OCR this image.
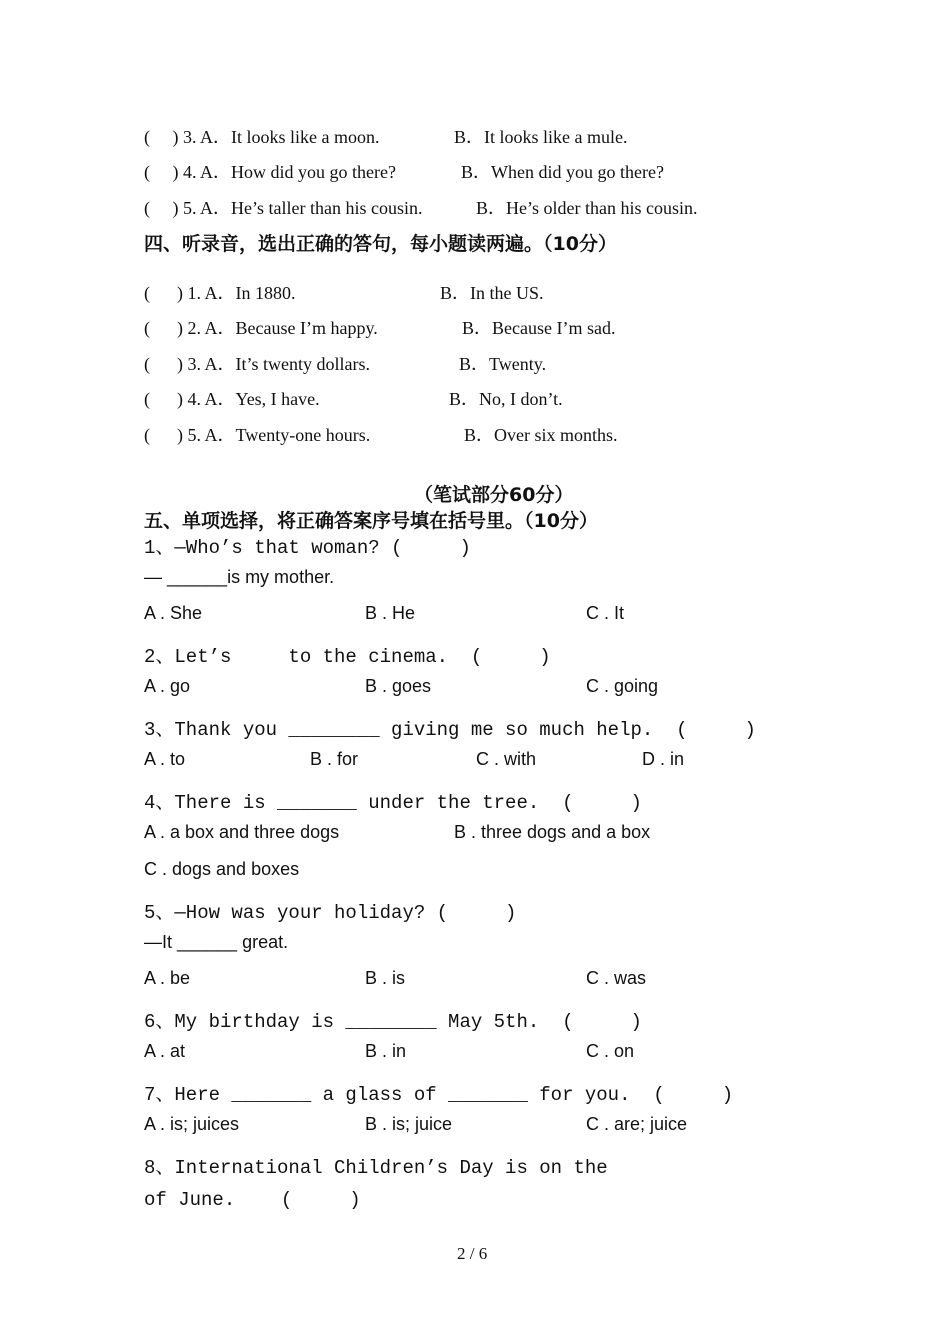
(     ) 3. A．It looks like a moon.	B．It looks like a mule.
(     ) 4. A．How did you go there?	B．When did you go there?
(     ) 5. A．He’s taller than his cousin.	B．He’s older than his cousin.
四、听录音，选出正确的答句，每小题读两遍。（10分）
(      ) 1. A．In 1880.	B．In the US.
(      ) 2. A．Because I’m happy.	B．Because I’m sad.
(      ) 3. A．It’s twenty dollars.	B．Twenty.
(      ) 4. A．Yes, I have.	B．No, I don’t.
(      ) 5. A．Twenty-one hours.	B．Over six months.
（笔试部分60分）
五、单项选择，将正确答案序号填在括号里。（10分）
1、—Who’s that woman? (     )
— ______is my mother.
A . She	B . He	C . It
2、Let’s     to the cinema.  (     )
A . go	B . goes	C . going
3、Thank you ________ giving me so much help.  (     )
A . to	B . for	C . with	D . in
4、There is _______ under the tree.  (     )
A . a box and three dogs	B . three dogs and a box
C . dogs and boxes
5、—How was your holiday? (     )
—It ______ great.
A . be	B . is	C . was
6、My birthday is ________ May 5th.  (     )
A . at	B . in	C . on
7、Here _______ a glass of _______ for you.  (     )
A . is; juices	B . is; juice	C . are; juice
8、International Children’s Day is on the
of June.    (     )
2 / 6
